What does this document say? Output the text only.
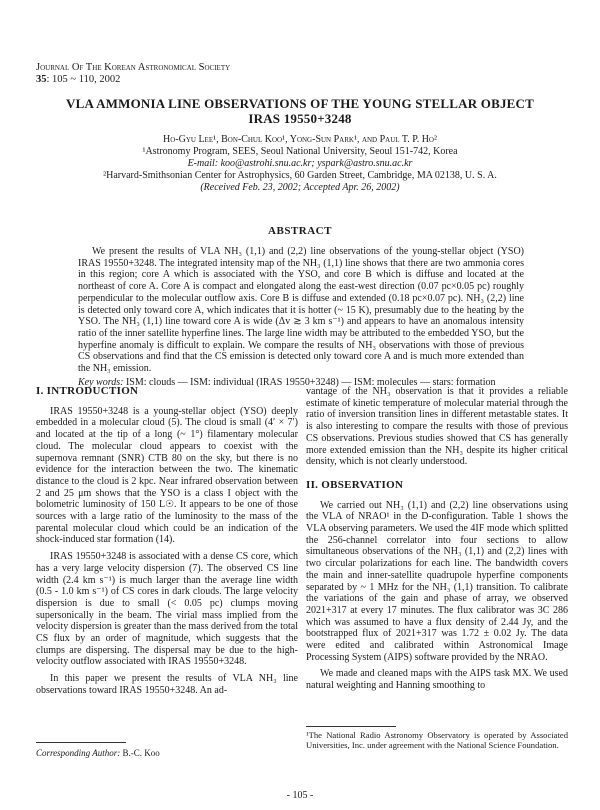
Journal Of The Korean Astronomical Society
35: 105 ~ 110, 2002
VLA AMMONIA LINE OBSERVATIONS OF THE YOUNG STELLAR OBJECT
IRAS 19550+3248
Ho-Gyu Lee¹, Bon-Chul Koo¹, Yong-Sun Park¹, and Paul T. P. Ho²
¹Astronomy Program, SEES, Seoul National University, Seoul 151-742, Korea
E-mail: koo@astrohi.snu.ac.kr; yspark@astro.snu.ac.kr
²Harvard-Smithsonian Center for Astrophysics, 60 Garden Street, Cambridge, MA 02138, U. S. A.
(Received Feb. 23, 2002; Accepted Apr. 26, 2002)
ABSTRACT

We present the results of VLA NH₃ (1,1) and (2,2) line observations of the young-stellar object (YSO) IRAS 19550+3248. The integrated intensity map of the NH₃ (1,1) line shows that there are two ammonia cores in this region; core A which is associated with the YSO, and core B which is diffuse and located at the northeast of core A. Core A is compact and elongated along the east-west direction (0.07 pc×0.05 pc) roughly perpendicular to the molecular outflow axis. Core B is diffuse and extended (0.18 pc×0.07 pc). NH₃ (2,2) line is detected only toward core A, which indicates that it is hotter (~ 15 K), presumably due to the heating by the YSO. The NH₃ (1,1) line toward core A is wide (Δv ≳ 3 km s⁻¹) and appears to have an anomalous intensity ratio of the inner satellite hyperfine lines. The large line width may be attributed to the embedded YSO, but the hyperfine anomaly is difficult to explain. We compare the results of NH₃ observations with those of previous CS observations and find that the CS emission is detected only toward core A and is much more extended than the NH₃ emission.

Key words: ISM: clouds — ISM: individual (IRAS 19550+3248) — ISM: molecules — stars: formation

I. INTRODUCTION

IRAS 19550+3248 is a young-stellar object (YSO) deeply embedded in a molecular cloud (5). The cloud is small (4′ × 7′) and located at the tip of a long (~ 1°) filamentary molecular cloud. The molecular cloud appears to coexist with the supernova remnant (SNR) CTB 80 on the sky, but there is no evidence for the interaction between the two. The kinematic distance to the cloud is 2 kpc. Near infrared observation between 2 and 25 μm shows that the YSO is a class I object with the bolometric luminosity of 150 L☉. It appears to be one of those sources with a large ratio of the luminosity to the mass of the parental molecular cloud which could be an indication of the shock-induced star formation (14).

IRAS 19550+3248 is associated with a dense CS core, which has a very large velocity dispersion (7). The observed CS line width (2.4 km s⁻¹) is much larger than the average line width (0.5 - 1.0 km s⁻¹) of CS cores in dark clouds. The large velocity dispersion is due to small (< 0.05 pc) clumps moving supersonically in the beam. The virial mass implied from the velocity dispersion is greater than the mass derived from the total CS flux by an order of magnitude, which suggests that the clumps are dispersing. The dispersal may be due to the high-velocity outflow associated with IRAS 19550+3248.

In this paper we present the results of VLA NH₃ line observations toward IRAS 19550+3248. An ad-

vantage of the NH₃ observation is that it provides a reliable estimate of kinetic temperature of molecular material through the ratio of inversion transition lines in different metastable states. It is also interesting to compare the results with those of previous CS observations. Previous studies showed that CS has generally more extended emission than the NH₃ despite its higher critical density, which is not clearly understood.

II. OBSERVATION

We carried out NH₃ (1,1) and (2,2) line observations using the VLA of NRAO¹ in the D-configuration. Table 1 shows the VLA observing parameters. We used the 4IF mode which splitted the 256-channel correlator into four sections to allow simultaneous observations of the NH₃ (1,1) and (2,2) lines with two circular polarizations for each line. The bandwidth covers the main and inner-satellite quadrupole hyperfine components separated by ~ 1 MHz for the NH₃ (1,1) transition. To calibrate the variations of the gain and phase of array, we observed 2021+317 at every 17 minutes. The flux calibrator was 3C 286 which was assumed to have a flux density of 2.44 Jy, and the bootstrapped flux of 2021+317 was 1.72 ± 0.02 Jy. The data were edited and calibrated within Astronomical Image Processing System (AIPS) software provided by the NRAO.

We made and cleaned maps with the AIPS task MX. We used natural weighting and Hanning smoothing to

¹The National Radio Astronomy Observatory is operated by Associated Universities, Inc. under agreement with the National Science Foundation.

Corresponding Author: B.-C. Koo
- 105 -
